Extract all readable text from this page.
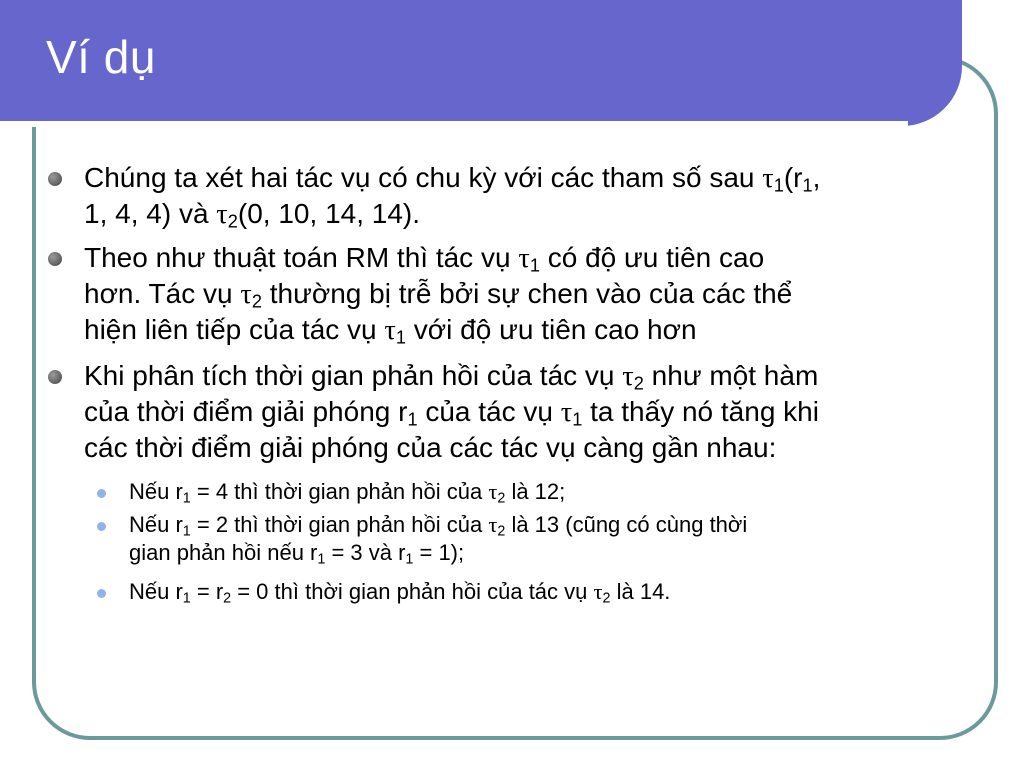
Ví dụ
Chúng ta xét hai tác vụ có chu kỳ với các tham số sau $\tau_1(r_1$,
1, 4, 4) và $\tau_2(0$, 10, 14, 14).
Theo như thuật toán RM thì tác vụ $\tau_1$ có độ ưu tiên cao
hơn. Tác vụ $\tau_2$ thường bị trễ bởi sự chen vào của các thể
hiện liên tiếp của tác vụ $\tau_1$ với độ ưu tiên cao hơn
Khi phân tích thời gian phản hồi của tác vụ $\tau_2$ như một hàm
của thời điểm giải phóng $r_1$ của tác vụ $\tau_1$ ta thấy nó tăng khi
các thời điểm giải phóng của các tác vụ càng gần nhau:
Nếu $r_1 = 4$ thì thời gian phản hồi của $\tau_2$ là 12;
Nếu $r_1 = 2$ thì thời gian phản hồi của $\tau_2$ là 13 (cũng có cùng thời
gian phản hồi nếu $r_1 = 3$ và $r_1 = 1$);
Nếu $r_1 = r_2 = 0$ thì thời gian phản hồi của tác vụ $\tau_2$ là 14.
